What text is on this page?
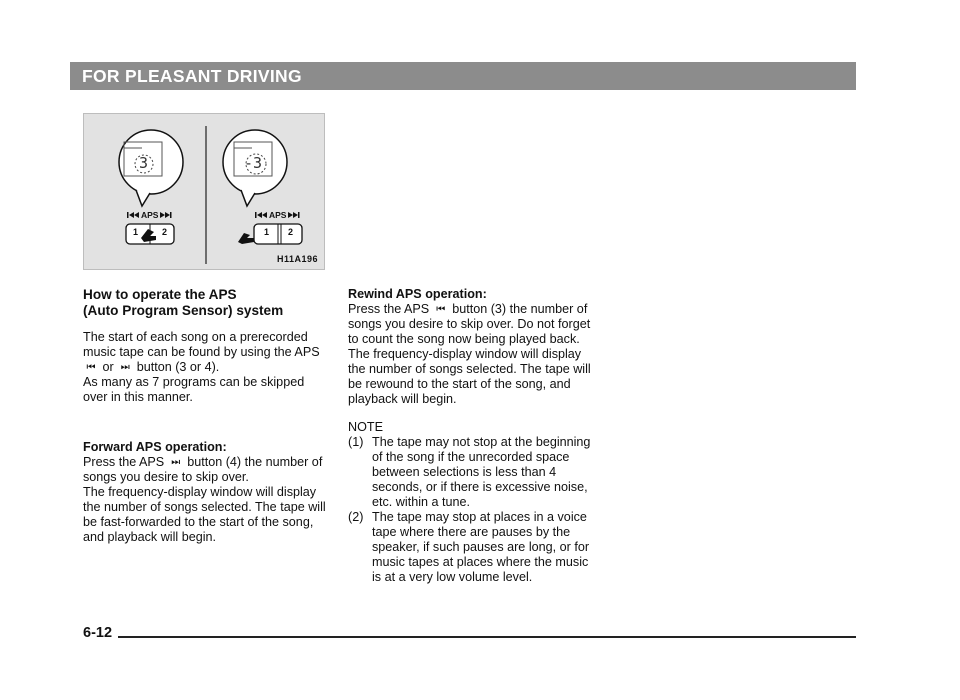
FOR PLEASANT DRIVING
3	-3
APS	APS
1	2	1 2
H11A196
How to operate the APS
(Auto Program Sensor) system

The start of each song on a prerecorded music tape can be found by using the APS ⏮ or ⏭ button (3 or 4).

As many as 7 programs can be skipped over in this manner.

Forward APS operation:

Press the APS ⏭ button (4) the number of songs you desire to skip over.

The frequency-display window will display the number of songs selected. The tape will be fast-forwarded to the start of the song, and playback will begin.

Rewind APS operation:

Press the APS ⏮ button (3) the number of songs you desire to skip over. Do not forget to count the song now being played back. The frequency-display window will display the number of songs selected. The tape will be rewound to the start of the song, and playback will begin.

NOTE

(1) The tape may not stop at the beginning of the song if the unrecorded space between selections is less than 4 seconds, or if there is excessive noise, etc. within a tune.
(2) The tape may stop at places in a voice tape where there are pauses by the speaker, if such pauses are long, or for music tapes at places where the music is at a very low volume level.
6-12
